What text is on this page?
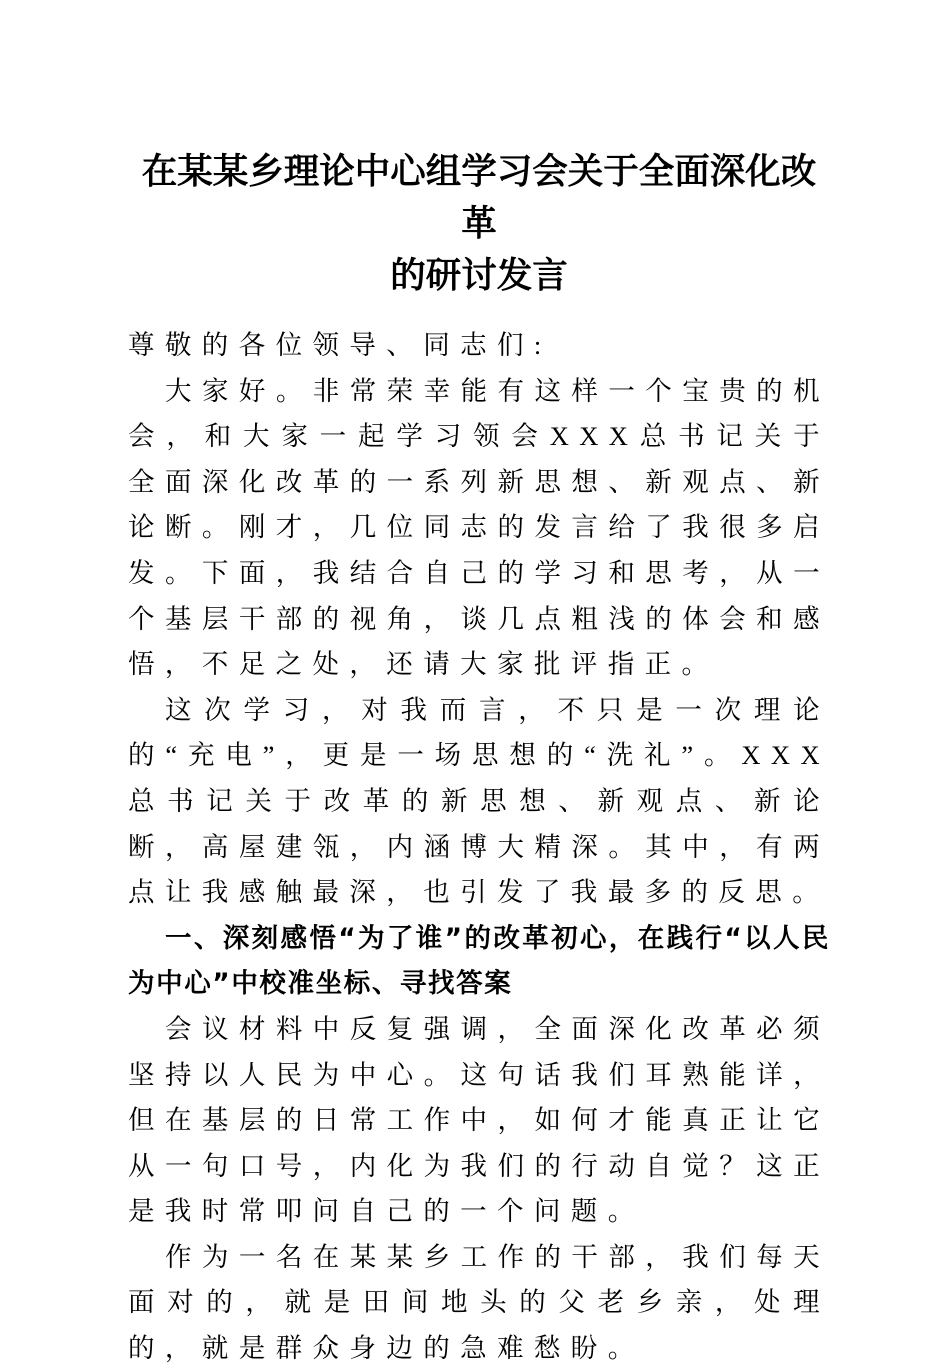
在某某乡理论中心组学习会关于全面深化改革
的研讨发言

尊敬的各位领导、同志们:

大家好。非常荣幸能有这样一个宝贵的机会，和大家一起学习领会XXX总书记关于全面深化改革的一系列新思想、新观点、新论断。刚才，几位同志的发言给了我很多启发。下面，我结合自己的学习和思考，从一个基层干部的视角，谈几点粗浅的体会和感悟，不足之处，还请大家批评指正。

这次学习，对我而言，不只是一次理论的“充电”，更是一场思想的“洗礼”。XXX总书记关于改革的新思想、新观点、新论断，高屋建瓴，内涵博大精深。其中，有两点让我感触最深，也引发了我最多的反思。

一、深刻感悟“为了谁”的改革初心，在践行“以人民为中心”中校准坐标、寻找答案

会议材料中反复强调，全面深化改革必须坚持以人民为中心。这句话我们耳熟能详，但在基层的日常工作中，如何才能真正让它从一句口号，内化为我们的行动自觉？这正是我时常叩问自己的一个问题。

作为一名在某某乡工作的干部，我们每天面对的，就是田间地头的父老乡亲，处理的，就是群众身边的急难愁盼。
